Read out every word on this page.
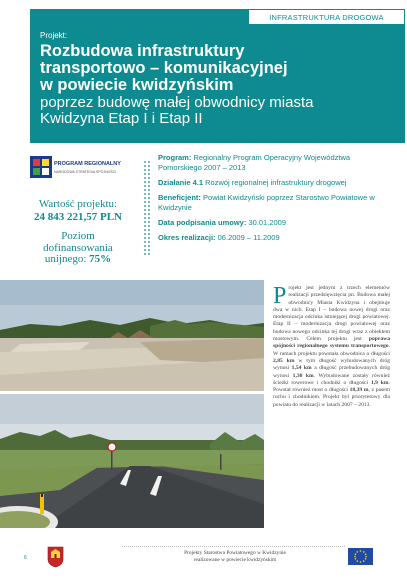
INFRASTRUKTURA DROGOWA
Projekt:
Rozbudowa infrastruktury
transportowo – komunikacyjnej
w powiecie kwidzyńskim
poprzez budowę małej obwodnicy miasta
Kwidzyna Etap I i Etap II
PROGRAM REGIONALNY
NARODOWA STRATEGIA SPÓJNOŚCI
Wartość projektu:
24 843 221,57 PLN
Poziom
dofinansowania
unijnego: 75%

Program: Regionalny Program Operacyjny Województwa Pomorskiego 2007 – 2013

Działanie 4.1 Rozwój regionalnej infrastruktury drogowej

Beneficjent: Powiat Kwidzyński poprzez Starostwo Powiatowe w Kwidzynie

Data podpisania umowy: 30.01.2009

Okres realizacji: 06.2009 – 11.2009

Projekt jest jednym z trzech elementów realizacji przedsięwzięcia pn. Budowa małej obwodnicy Miasta Kwidzyna i obejmuje dwa w nich. Etap I – budowa nowej drogi oraz modernizacja odcinka istniejącej drogi powiatowej. Etap II – modernizacja drogi powiatowej oraz budowa nowego odcinka tej drogi wraz z obiektem mostowym. Celem projektu jest poprawa spójności regionalnego systemu transportowego. W ramach projektu powstała obwodnica o długości 2,85 km w tym długość wybudowanych dróg wynosi 1,54 km a długość przebudowanych dróg wynosi 1,30 km. Wybudowane zostały również ścieżki rowerowe i chodniki o długości 1,9 km. Powstał również most o długości 18,39 m, z pasem ruchu i chodnikiem. Projekt był priorytetowy dla powiatu do realizacji w latach 2007 – 2013.
6
Projekty Starostwa Powiatowego w Kwidzynie
realizowane w powiecie kwidzyńskim
